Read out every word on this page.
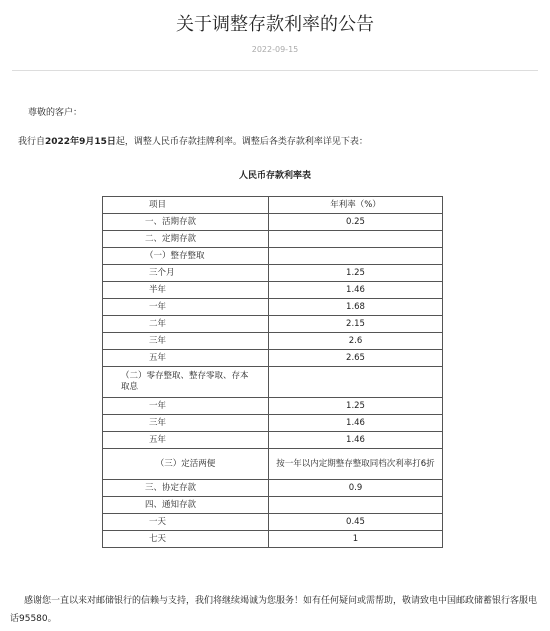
关于调整存款利率的公告
2022-09-15
尊敬的客户：
我行自2022年9月15日起，调整人民币存款挂牌利率。调整后各类存款利率详见下表：
人民币存款利率表
项目	年利率（%）
一、活期存款	0.25
二、定期存款	
（一）整存整取	
三个月	1.25
半年	1.46
一年	1.68
二年	2.15
三年	2.6
五年	2.65
（二）零存整取、整存零取、存本取息	
一年	1.25
三年	1.46
五年	1.46
（三）定活两便	按一年以内定期整存整取同档次利率打6折
三、协定存款	0.9
四、通知存款	
一天	0.45
七天	1
感谢您一直以来对邮储银行的信赖与支持，我们将继续竭诚为您服务！如有任何疑问或需帮助，敬请致电中国邮政储蓄银行客服电话95580。
